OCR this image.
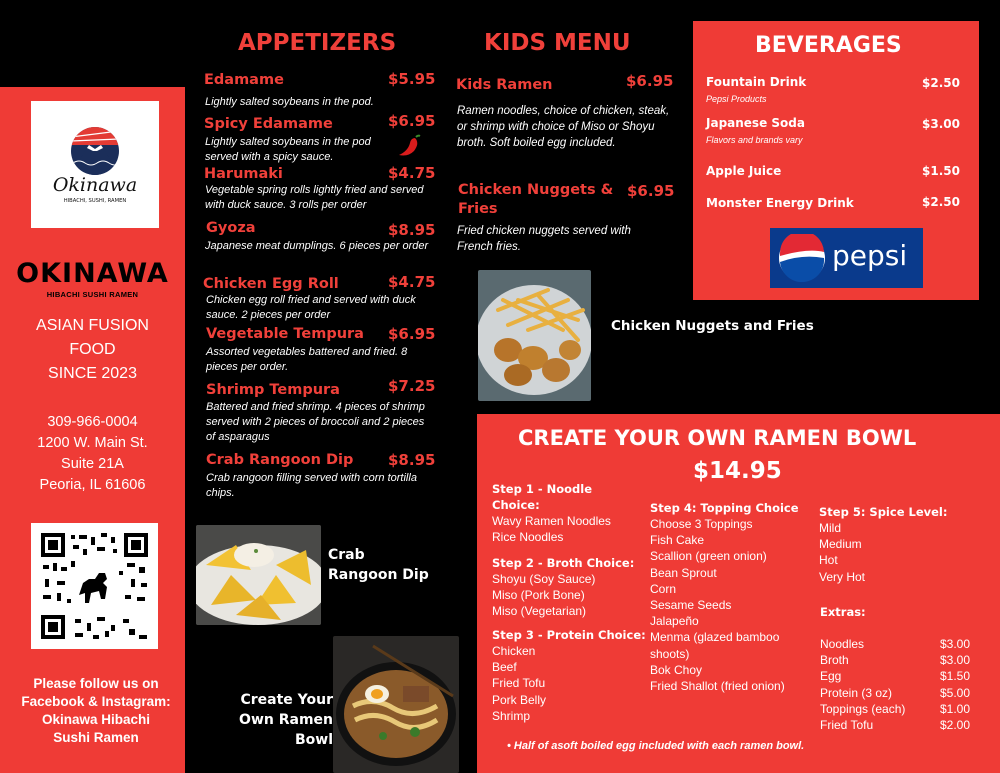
Okinawa
HIBACHI, SUSHI, RAMEN
OKINAWA
HIBACHI SUSHI RAMEN
ASIAN FUSION
FOOD
SINCE 2023
309-966-0004
1200 W. Main St.
Suite 21A
Peoria, IL 61606
Please follow us on
Facebook & Instagram:
Okinawa Hibachi
Sushi Ramen
APPETIZERS
Edamame	$5.95
Lightly salted soybeans in the pod.
Spicy Edamame	$6.95
Lightly salted soybeans in the pod served with a spicy sauce.
Harumaki	$4.75
Vegetable spring rolls lightly fried and served with duck sauce. 3 rolls per order
Gyoza	$8.95
Japanese meat dumplings. 6 pieces per order
Chicken Egg Roll	$4.75
Chicken egg roll fried and served with duck sauce. 2 pieces per order
Vegetable Tempura $6.95
Assorted vegetables battered and fried. 8 pieces per order.
Shrimp Tempura	$7.25
Battered and fried shrimp. 4 pieces of shrimp served with 2 pieces of broccoli and 2 pieces of asparagus
Crab Rangoon Dip $8.95
Crab rangoon filling served with corn tortilla chips.
Crab Rangoon Dip
Create Your Own Ramen Bowl
KIDS MENU
Kids Ramen	$6.95
Ramen noodles, choice of chicken, steak, or shrimp with choice of Miso or Shoyu broth. Soft boiled egg included.
Chicken Nuggets & Fries
$6.95
Fried chicken nuggets served with French fries.
Chicken Nuggets and Fries
BEVERAGES
Fountain Drink	$2.50
Pepsi Products
Japanese Soda	$3.00
Flavors and brands vary
Apple Juice	$1.50
Monster Energy Drink	$2.50
pepsi
CREATE YOUR OWN RAMEN BOWL
$14.95
Step 1 - Noodle Choice:
Wavy Ramen Noodles
Rice Noodles
Step 2 - Broth Choice:
Shoyu (Soy Sauce)
Miso (Pork Bone)
Miso (Vegetarian)
Step 3 - Protein Choice:
Chicken
Beef
Fried Tofu
Pork Belly
Shrimp
Step 4: Topping Choice
Choose 3 Toppings
Fish Cake
Scallion (green onion)
Bean Sprout
Corn
Sesame Seeds
Jalapeño
Menma (glazed bamboo
shoots)
Bok Choy
Fried Shallot (fried onion)
Step 5: Spice Level:
Mild
Medium
Hot
Very Hot
Extras:
Noodles	$3.00
Broth	$3.00
Egg	$1.50
Protein (3 oz)	$5.00
Toppings (each)	$1.00
Fried Tofu	$2.00
• Half of asoft boiled egg included with each ramen bowl.
